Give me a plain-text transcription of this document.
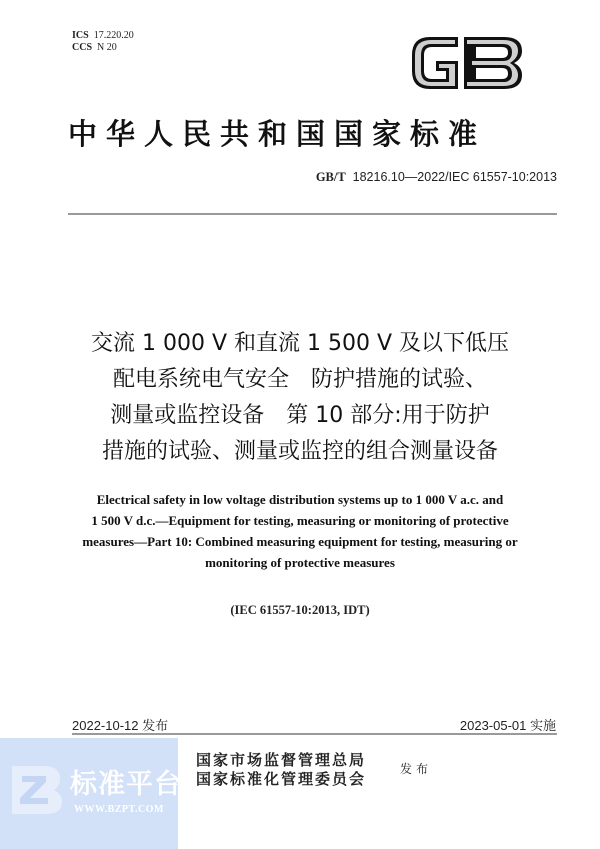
ICS 17.220.20
CCS N 20
中华人民共和国国家标准
GB/T 18216.10—2022/IEC 61557-10:2013
交流 1 000 V 和直流 1 500 V 及以下低压
配电系统电气安全　防护措施的试验、
测量或监控设备　第 10 部分:用于防护
措施的试验、测量或监控的组合测量设备
Electrical safety in low voltage distribution systems up to 1 000 V a.c. and
1 500 V d.c.—Equipment for testing, measuring or monitoring of protective
measures—Part 10: Combined measuring equipment for testing, measuring or
monitoring of protective measures
(IEC 61557-10:2013, IDT)
2022-10-12 发布	2023-05-01 实施
国家市场监督管理总局
国家标准化管理委员会
发布
标准平台
WWW.BZPT.COM
